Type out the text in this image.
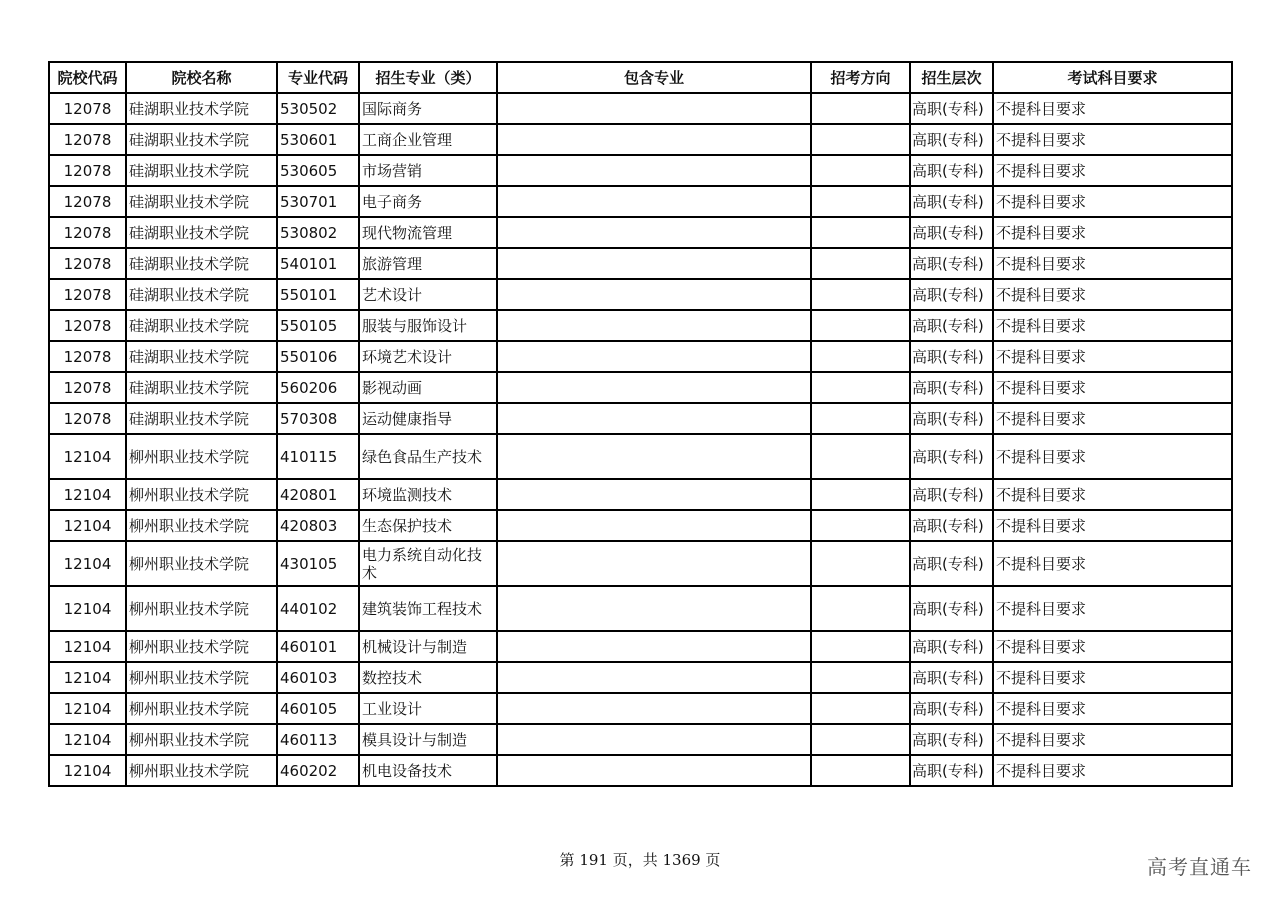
院校代码	院校名称	专业代码	招生专业（类）	包含专业	招考方向	招生层次	考试科目要求
12078	硅湖职业技术学院	530502	国际商务			高职(专科)	不提科目要求
12078	硅湖职业技术学院	530601	工商企业管理			高职(专科)	不提科目要求
12078	硅湖职业技术学院	530605	市场营销			高职(专科)	不提科目要求
12078	硅湖职业技术学院	530701	电子商务			高职(专科)	不提科目要求
12078	硅湖职业技术学院	530802	现代物流管理			高职(专科)	不提科目要求
12078	硅湖职业技术学院	540101	旅游管理			高职(专科)	不提科目要求
12078	硅湖职业技术学院	550101	艺术设计			高职(专科)	不提科目要求
12078	硅湖职业技术学院	550105	服装与服饰设计			高职(专科)	不提科目要求
12078	硅湖职业技术学院	550106	环境艺术设计			高职(专科)	不提科目要求
12078	硅湖职业技术学院	560206	影视动画			高职(专科)	不提科目要求
12078	硅湖职业技术学院	570308	运动健康指导			高职(专科)	不提科目要求
12104	柳州职业技术学院	410115	绿色食品生产技术			高职(专科)	不提科目要求
12104	柳州职业技术学院	420801	环境监测技术			高职(专科)	不提科目要求
12104	柳州职业技术学院	420803	生态保护技术			高职(专科)	不提科目要求
12104	柳州职业技术学院	430105	电力系统自动化技术			高职(专科)	不提科目要求
12104	柳州职业技术学院	440102	建筑装饰工程技术			高职(专科)	不提科目要求
12104	柳州职业技术学院	460101	机械设计与制造			高职(专科)	不提科目要求
12104	柳州职业技术学院	460103	数控技术			高职(专科)	不提科目要求
12104	柳州职业技术学院	460105	工业设计			高职(专科)	不提科目要求
12104	柳州职业技术学院	460113	模具设计与制造			高职(专科)	不提科目要求
12104	柳州职业技术学院	460202	机电设备技术			高职(专科)	不提科目要求
第 191 页，共 1369 页	高考直通车
